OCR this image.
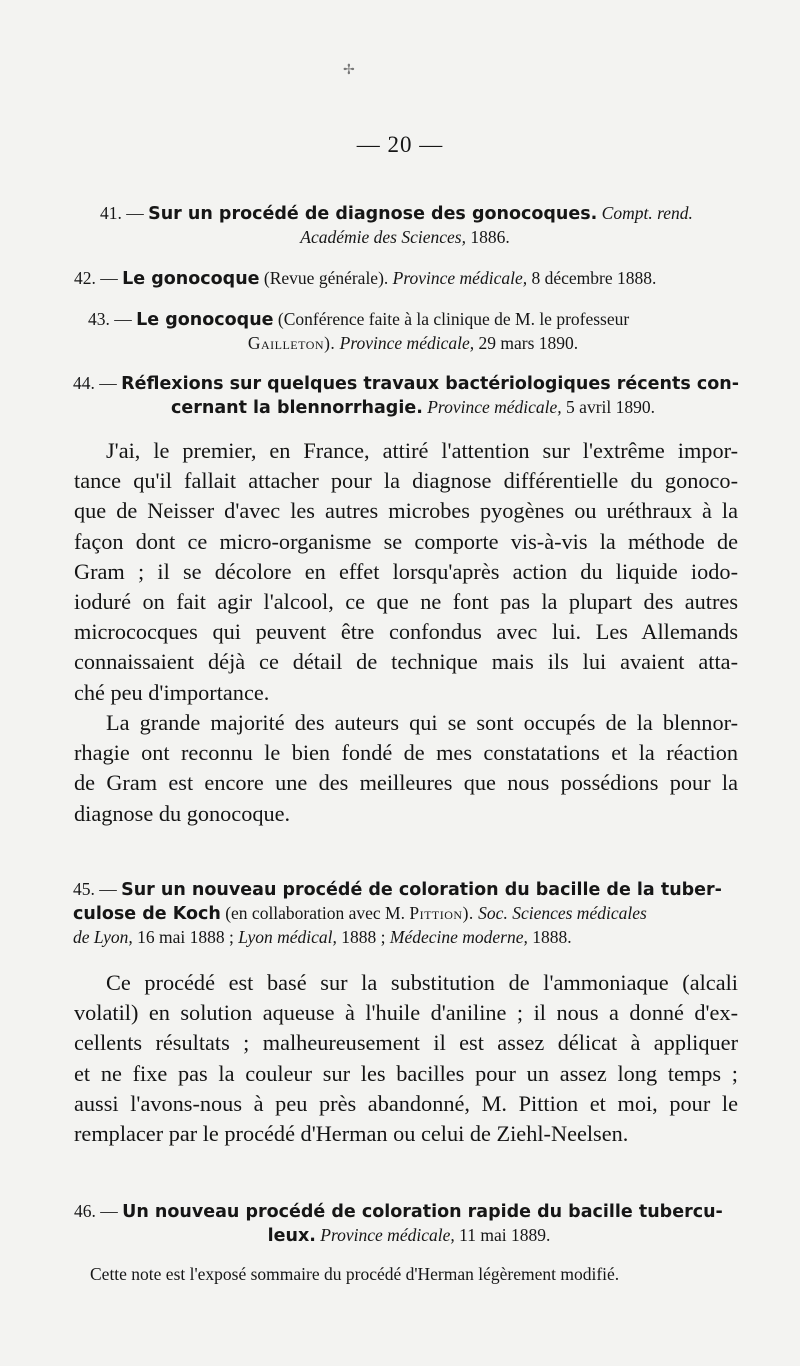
✢
— 20 —
41. — Sur un procédé de diagnose des gonocoques. Compt. rend.
Académie des Sciences, 1886.
42. — Le gonocoque (Revue générale). Province médicale, 8 décembre 1888.
43. — Le gonocoque (Conférence faite à la clinique de M. le professeur
Gailleton). Province médicale, 29 mars 1890.
44. — Réflexions sur quelques travaux bactériologiques récents con-
cernant la blennorrhagie. Province médicale, 5 avril 1890.
J'ai, le premier, en France, attiré l'attention sur l'extrême impor-
tance qu'il fallait attacher pour la diagnose différentielle du gonoco-
que de Neisser d'avec les autres microbes pyogènes ou uréthraux à la
façon dont ce micro-organisme se comporte vis-à-vis la méthode de
Gram ; il se décolore en effet lorsqu'après action du liquide iodo-
ioduré on fait agir l'alcool, ce que ne font pas la plupart des autres
micrococques qui peuvent être confondus avec lui. Les Allemands
connaissaient déjà ce détail de technique mais ils lui avaient atta-
ché peu d'importance.
La grande majorité des auteurs qui se sont occupés de la blennor-
rhagie ont reconnu le bien fondé de mes constatations et la réaction
de Gram est encore une des meilleures que nous possédions pour la
diagnose du gonocoque.
45. — Sur un nouveau procédé de coloration du bacille de la tuber-
culose de Koch (en collaboration avec M. Pittion). Soc. Sciences médicales
de Lyon, 16 mai 1888 ; Lyon médical, 1888 ; Médecine moderne, 1888.
Ce procédé est basé sur la substitution de l'ammoniaque (alcali
volatil) en solution aqueuse à l'huile d'aniline ; il nous a donné d'ex-
cellents résultats ; malheureusement il est assez délicat à appliquer
et ne fixe pas la couleur sur les bacilles pour un assez long temps ;
aussi l'avons-nous à peu près abandonné, M. Pittion et moi, pour le
remplacer par le procédé d'Herman ou celui de Ziehl-Neelsen.
46. — Un nouveau procédé de coloration rapide du bacille tubercu-
leux. Province médicale, 11 mai 1889.
Cette note est l'exposé sommaire du procédé d'Herman légèrement modifié.
